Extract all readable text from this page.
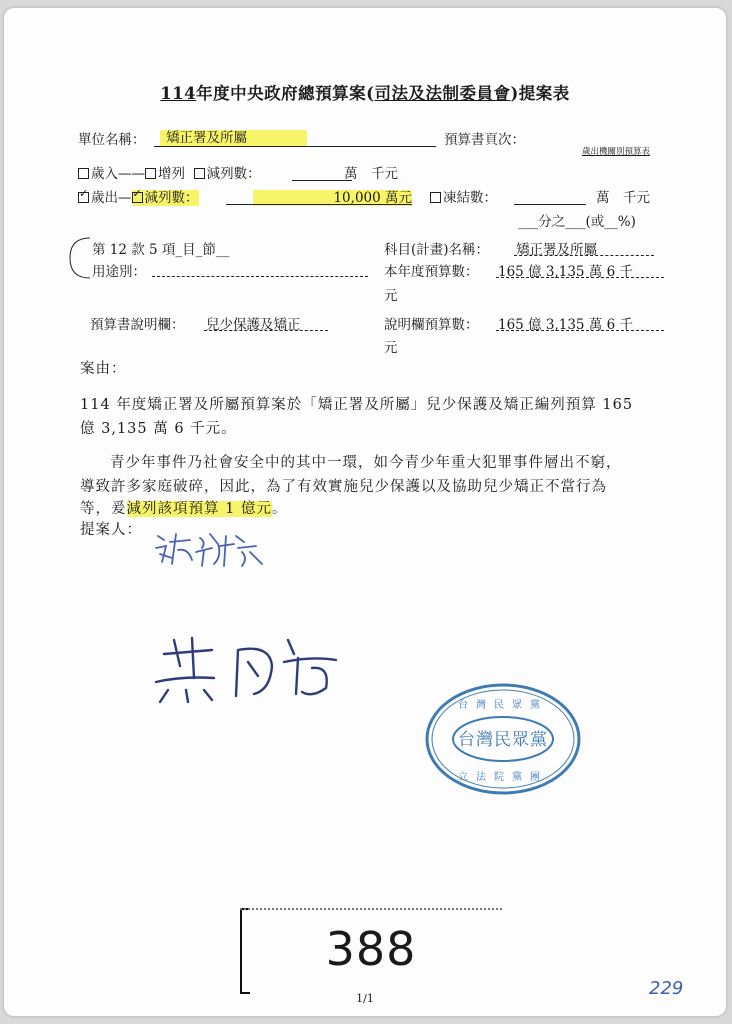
114年度中央政府總預算案(司法及法制委員會)提案表
單位名稱：	矯正署及所屬	預算書頁次：
歲出機關別預算表
歲入—— 增列 減列數：	萬　千元
✓歲出—✓ 減列數：	10,000 萬元	凍結數：	萬　千元
___分之___(或__%)
第 12 款 5 項_目_節__
用途別：
預算書說明欄： 兒少保護及矯正
科目(計畫)名稱： 矯正署及所屬
本年度預算數： 165 億 3,135 萬 6 千
元
說明欄預算數： 165 億 3,135 萬 6 千
元
案由：
114 年度矯正署及所屬預算案於「矯正署及所屬」兒少保護及矯正編列預算 165
億 3,135 萬 6 千元。
青少年事件乃社會安全中的其中一環，如今青少年重大犯罪事件層出不窮，
導致許多家庭破碎，因此，為了有效實施兒少保護以及協助兒少矯正不當行為
等，爰減列該項預算 1 億元。
提案人：
台灣民眾黨
台灣民眾黨
立法院黨團
388
229
1/1
